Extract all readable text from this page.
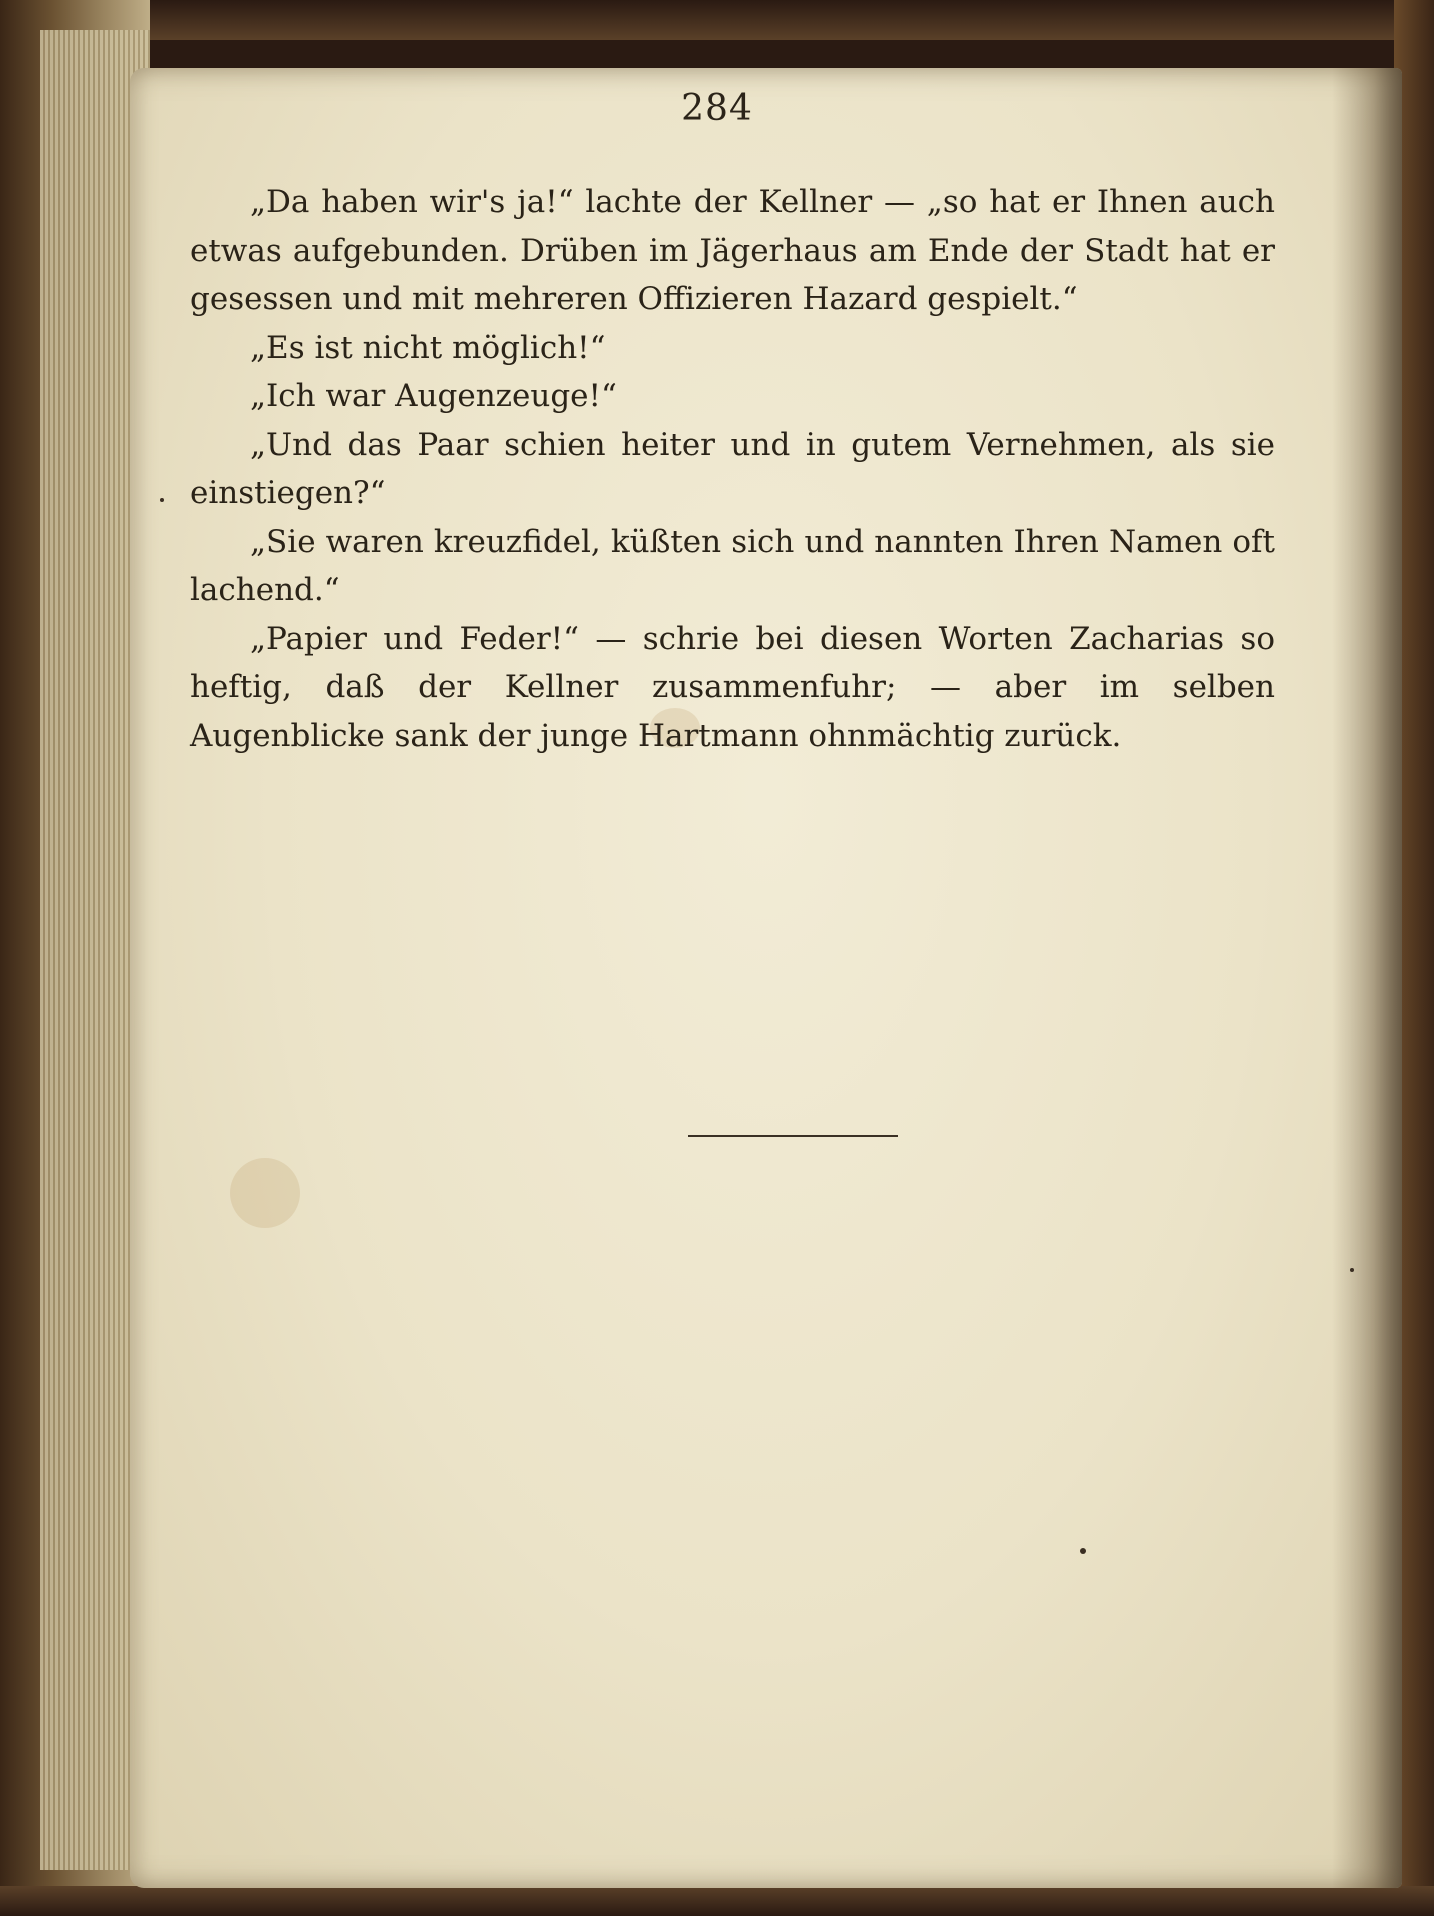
284

„Da haben wir's ja!“ lachte der Kellner — „so hat er Ihnen auch etwas aufgebunden. Drüben im Jägerhaus am Ende der Stadt hat er gesessen und mit mehreren Offizieren Hazard gespielt.“

„Es ist nicht möglich!“

„Ich war Augenzeuge!“

„Und das Paar schien heiter und in gutem Vernehmen, als sie einstiegen?“

„Sie waren kreuzfidel, küßten sich und nannten Ihren Namen oft lachend.“

„Papier und Feder!“ — schrie bei diesen Worten Zacharias so heftig, daß der Kellner zusammenfuhr; — aber im selben Augenblicke sank der junge Hartmann ohnmächtig zurück.
